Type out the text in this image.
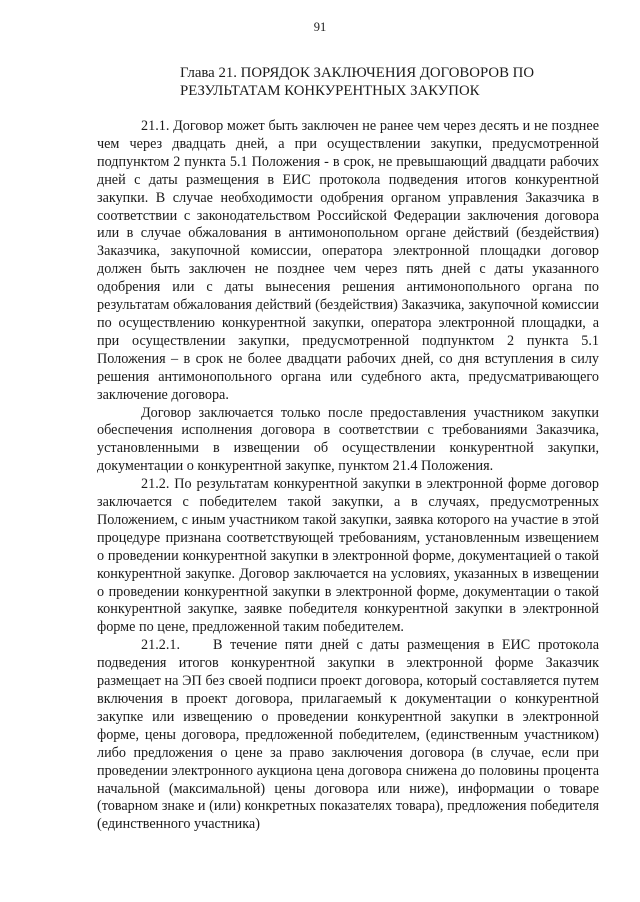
91
Глава 21. ПОРЯДОК ЗАКЛЮЧЕНИЯ ДОГОВОРОВ ПО
РЕЗУЛЬТАТАМ КОНКУРЕНТНЫХ ЗАКУПОК

21.1. Договор может быть заключен не ранее чем через десять и не позднее чем через двадцать дней, а при осуществлении закупки, предусмотренной подпунктом 2 пункта 5.1 Положения - в срок, не превышающий двадцати рабочих дней с даты размещения в ЕИС протокола подведения итогов конкурентной закупки. В случае необходимости одобрения органом управления Заказчика в соответствии с законодательством Российской Федерации заключения договора или в случае обжалования в антимонопольном органе действий (бездействия) Заказчика, закупочной комиссии, оператора электронной площадки договор должен быть заключен не позднее чем через пять дней с даты указанного одобрения или с даты вынесения решения антимонопольного органа по результатам обжалования действий (бездействия) Заказчика, закупочной комиссии по осуществлению конкурентной закупки, оператора электронной площадки, а при осуществлении закупки, предусмотренной подпунктом 2 пункта 5.1 Положения – в срок не более двадцати рабочих дней, со дня вступления в силу решения антимонопольного органа или судебного акта, предусматривающего заключение договора.

Договор заключается только после предоставления участником закупки обеспечения исполнения договора в соответствии с требованиями Заказчика, установленными в извещении об осуществлении конкурентной закупки, документации о конкурентной закупке, пунктом 21.4 Положения.

21.2. По результатам конкурентной закупки в электронной форме договор заключается с победителем такой закупки, а в случаях, предусмотренных Положением, с иным участником такой закупки, заявка которого на участие в этой процедуре признана соответствующей требованиям, установленным извещением о проведении конкурентной закупки в электронной форме, документацией о такой конкурентной закупке. Договор заключается на условиях, указанных в извещении о проведении конкурентной закупки в электронной форме, документации о такой конкурентной закупке, заявке победителя конкурентной закупки в электронной форме по цене, предложенной таким победителем.

21.2.1. В течение пяти дней с даты размещения в ЕИС протокола подведения итогов конкурентной закупки в электронной форме Заказчик размещает на ЭП без своей подписи проект договора, который составляется путем включения в проект договора, прилагаемый к документации о конкурентной закупке или извещению о проведении конкурентной закупки в электронной форме, цены договора, предложенной победителем, (единственным участником) либо предложения о цене за право заключения договора (в случае, если при проведении электронного аукциона цена договора снижена до половины процента начальной (максимальной) цены договора или ниже), информации о товаре (товарном знаке и (или) конкретных показателях товара), предложения победителя (единственного участника)
